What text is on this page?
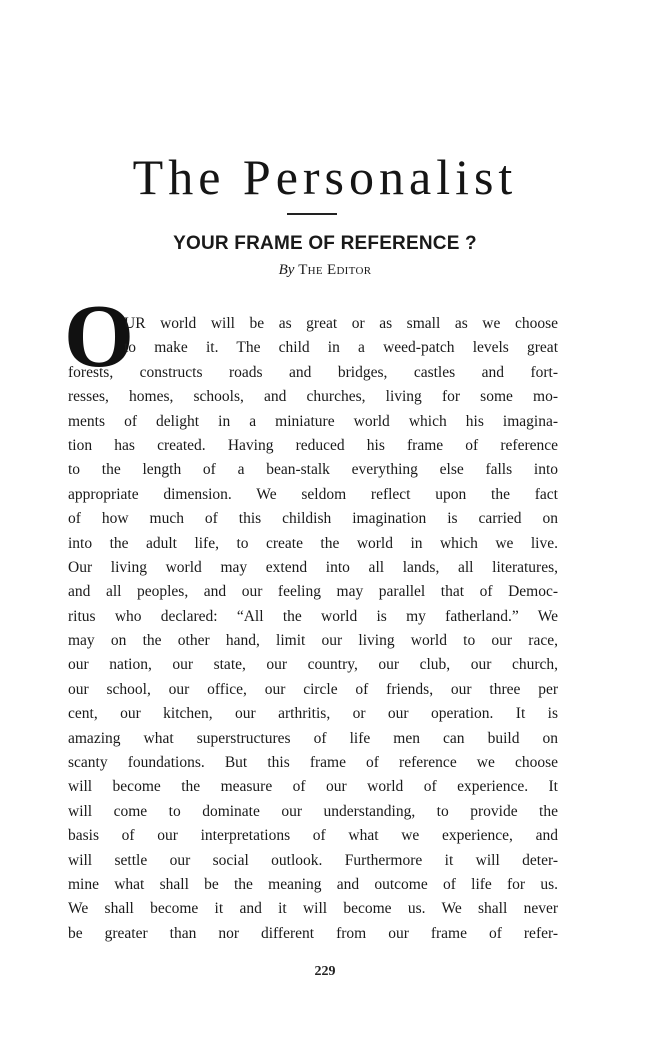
The Personalist
YOUR FRAME OF REFERENCE ?
By The Editor
O
UR world will be as great or as small as we choose
to make it. The child in a weed-patch levels great
forests, constructs roads and bridges, castles and fort-
resses, homes, schools, and churches, living for some mo-
ments of delight in a miniature world which his imagina-
tion has created. Having reduced his frame of reference
to the length of a bean-stalk everything else falls into
appropriate dimension. We seldom reflect upon the fact
of how much of this childish imagination is carried on
into the adult life, to create the world in which we live.
Our living world may extend into all lands, all literatures,
and all peoples, and our feeling may parallel that of Democ-
ritus who declared: “All the world is my fatherland.” We
may on the other hand, limit our living world to our race,
our nation, our state, our country, our club, our church,
our school, our office, our circle of friends, our three per
cent, our kitchen, our arthritis, or our operation. It is
amazing what superstructures of life men can build on
scanty foundations. But this frame of reference we choose
will become the measure of our world of experience. It
will come to dominate our understanding, to provide the
basis of our interpretations of what we experience, and
will settle our social outlook. Furthermore it will deter-
mine what shall be the meaning and outcome of life for us.
We shall become it and it will become us. We shall never
be greater than nor different from our frame of refer-
229
